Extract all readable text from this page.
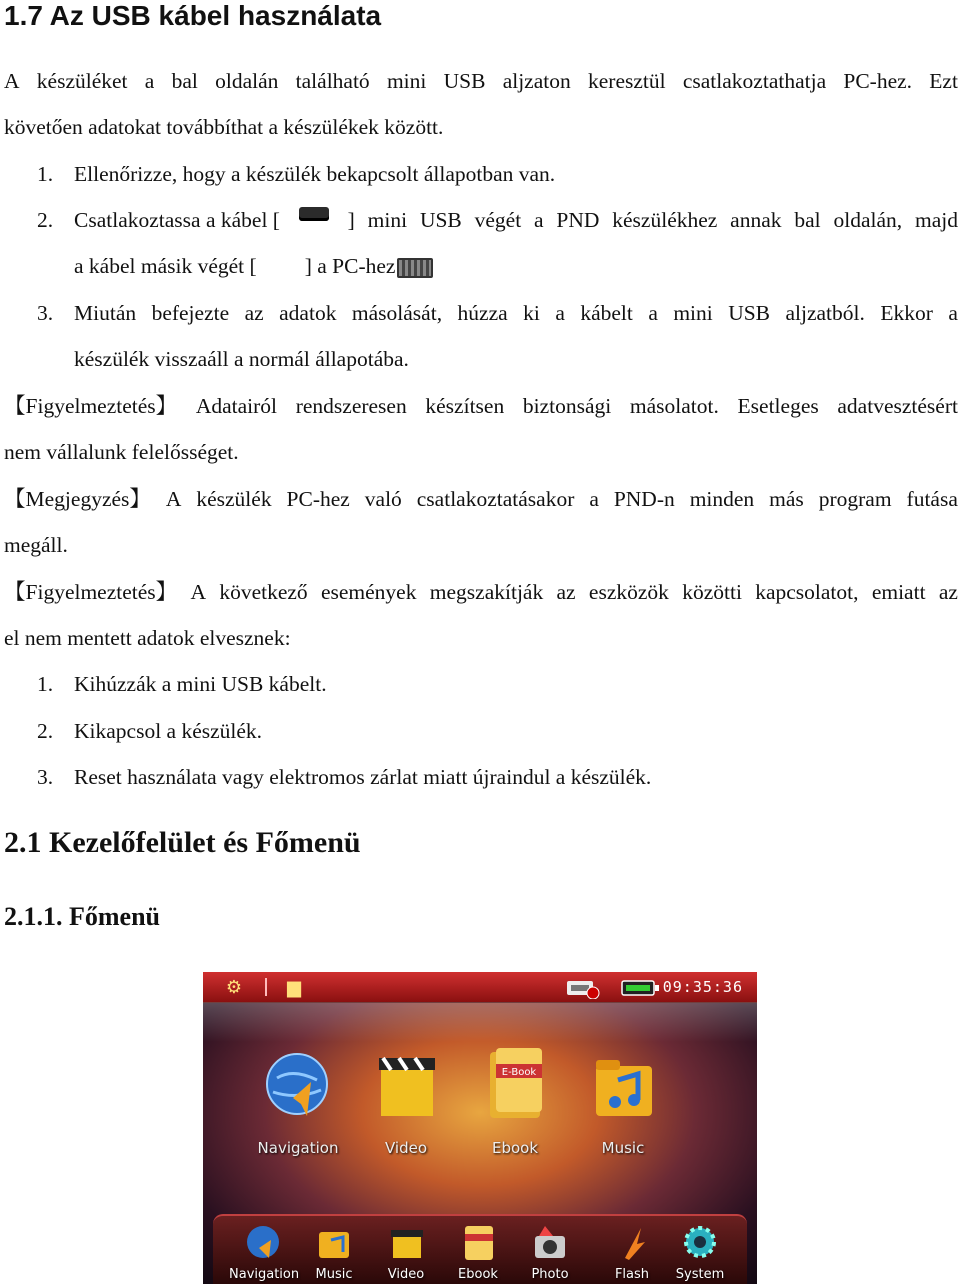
1.7 Az USB kábel használata
A készüléket a bal oldalán található mini USB aljzaton keresztül csatlakoztathatja PC-hez. Ezt
követően adatokat továbbíthat a készülékek között.
1. Ellenőrizze, hogy a készülék bekapcsolt állapotban van.
2. Csatlakoztassa a kábel [	] mini USB végét a PND készülékhez annak bal oldalán, majd
a kábel másik végét [ ] a PC-hez
3. Miután befejezte az adatok másolását, húzza ki a kábelt a mini USB aljzatból. Ekkor a
készülék visszaáll a normál állapotába.
【Figyelmeztetés】 Adatairól rendszeresen készítsen biztonsági másolatot. Esetleges adatvesztésért
nem vállalunk felelősséget.
【Megjegyzés】 A készülék PC-hez való csatlakoztatásakor a PND-n minden más program futása
megáll.
【Figyelmeztetés】 A következő események megszakítják az eszközök közötti kapcsolatot, emiatt az
el nem mentett adatok elvesznek:
1. Kihúzzák a mini USB kábelt.
2. Kikapcsol a készülék.
3. Reset használata vagy elektromos zárlat miatt újraindul a készülék.
2.1 Kezelőfelület és Főmenü
2.1.1. Főmenü
⚙	▆	09:35:36
Navigation	Video
E-Book
Ebook	Music
Navigation	Music	Video	Ebook	Photo	Flash	System
